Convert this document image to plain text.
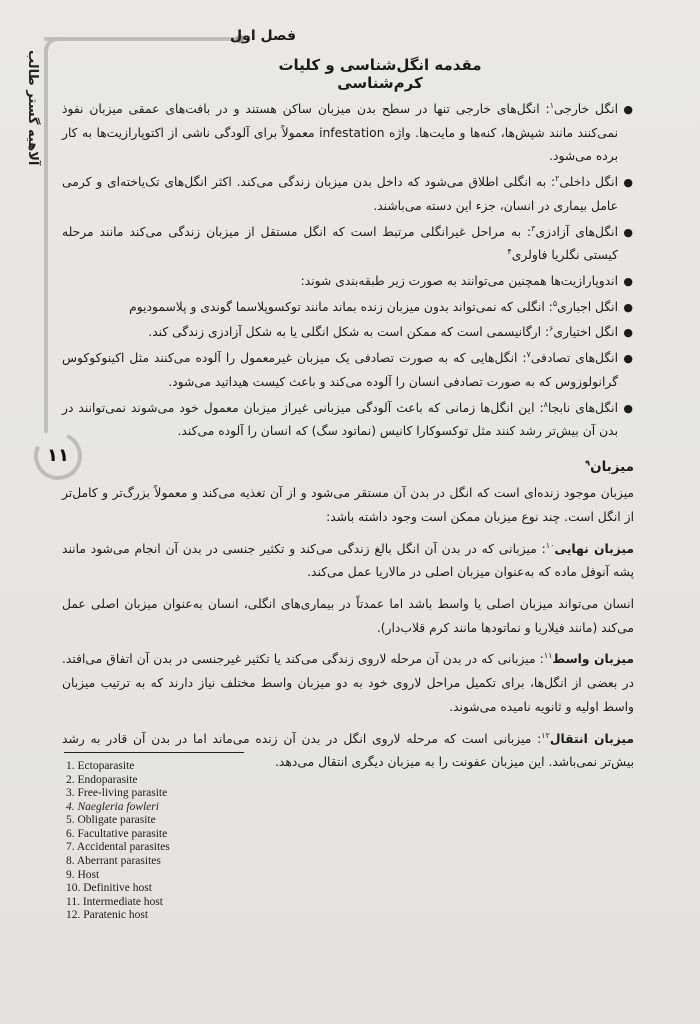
آلاهیه گستر طالب
۱۱
فصل اول
مقدمه انگل‌شناسی و کلیات کرم‌شناسی
●
انگل خارجی$^۱$: انگل‌های خارجی تنها در سطح بدن میزبان ساکن هستند و در بافت‌های عمقی میزبان نفوذ نمی‌کنند مانند شپش‌ها، کنه‌ها و مایت‌ها. واژه infestation معمولاً برای آلودگی ناشی از اکتوپارازیت‌ها به کار برده می‌شود.
●
انگل داخلی$^۲$: به انگلی اطلاق می‌شود که داخل بدن میزبان زندگی می‌کند. اکثر انگل‌های تک‌یاخته‌ای و کرمی عامل بیماری در انسان، جزء این دسته می‌باشند.
●
انگل‌های آزادزی$^۳$: به مراحل غیرانگلی مرتبط است که انگل مستقل از میزبان زندگی می‌کند مانند مرحله کیستی نگلریا فاولری$^۴$
●
اندوپارازیت‌ها همچنین می‌توانند به صورت زیر طبقه‌بندی شوند:
●
انگل اجباری$^۵$: انگلی که نمی‌تواند بدون میزبان زنده بماند مانند توکسوپلاسما گوندی و پلاسمودیوم
●
انگل اختیاری$^۶$: ارگانیسمی است که ممکن است به شکل انگلی یا به شکل آزادزی زندگی کند.
●
انگل‌های تصادفی$^۷$: انگل‌هایی که به صورت تصادفی یک میزبان غیرمعمول را آلوده می‌کنند مثل اکینوکوکوس گرانولوزوس که به صورت تصادفی انسان را آلوده می‌کند و باعث کیست هیداتید می‌شود.
●
انگل‌های نابجا$^۸$: این انگل‌ها زمانی که باعث آلودگی میزبانی غیراز میزبان معمول خود می‌شوند نمی‌توانند در بدن آن بیش‌تر رشد کنند مثل توکسوکارا کانیس (نماتود سگ) که انسان را آلوده می‌کند.
میزبان$^۹$

میزبان موجود زنده‌ای است که انگل در بدن آن مستقر می‌شود و از آن تغذیه می‌کند و معمولاً بزرگ‌تر و کامل‌تر از انگل است. چند نوع میزبان ممکن است وجود داشته باشد:

میزبان نهایی$^{۱۰}$: میزبانی که در بدن آن انگل بالغ زندگی می‌کند و تکثیر جنسی در بدن آن انجام می‌شود مانند پشه آنوفل ماده که به‌عنوان میزبان اصلی در مالاریا عمل می‌کند.

انسان می‌تواند میزبان اصلی یا واسط باشد اما عمدتاً در بیماری‌های انگلی، انسان به‌عنوان میزبان اصلی عمل می‌کند (مانند فیلاریا و نماتودها مانند کرم قلاب‌دار).

میزبان واسط$^{۱۱}$: میزبانی که در بدن آن مرحله لاروی زندگی می‌کند یا تکثیر غیرجنسی در بدن آن اتفاق می‌افتد. در بعضی از انگل‌ها، برای تکمیل مراحل لاروی خود به دو میزبان واسط مختلف نیاز دارند که به ترتیب میزبان واسط اولیه و ثانویه نامیده می‌شوند.

میزبان انتقال$^{۱۲}$: میزبانی است که مرحله لاروی انگل در بدن آن زنده می‌ماند اما در بدن آن قادر به رشد بیش‌تر نمی‌باشد. این میزبان عفونت را به میزبان دیگری انتقال می‌دهد.

1. Ectoparasite
2. Endoparasite
3. Free-living parasite
4. Naegleria fowleri
5. Obligate parasite
6. Facultative parasite
7. Accidental parasites
8. Aberrant parasites
9. Host
10. Definitive host
11. Intermediate host
12. Paratenic host
